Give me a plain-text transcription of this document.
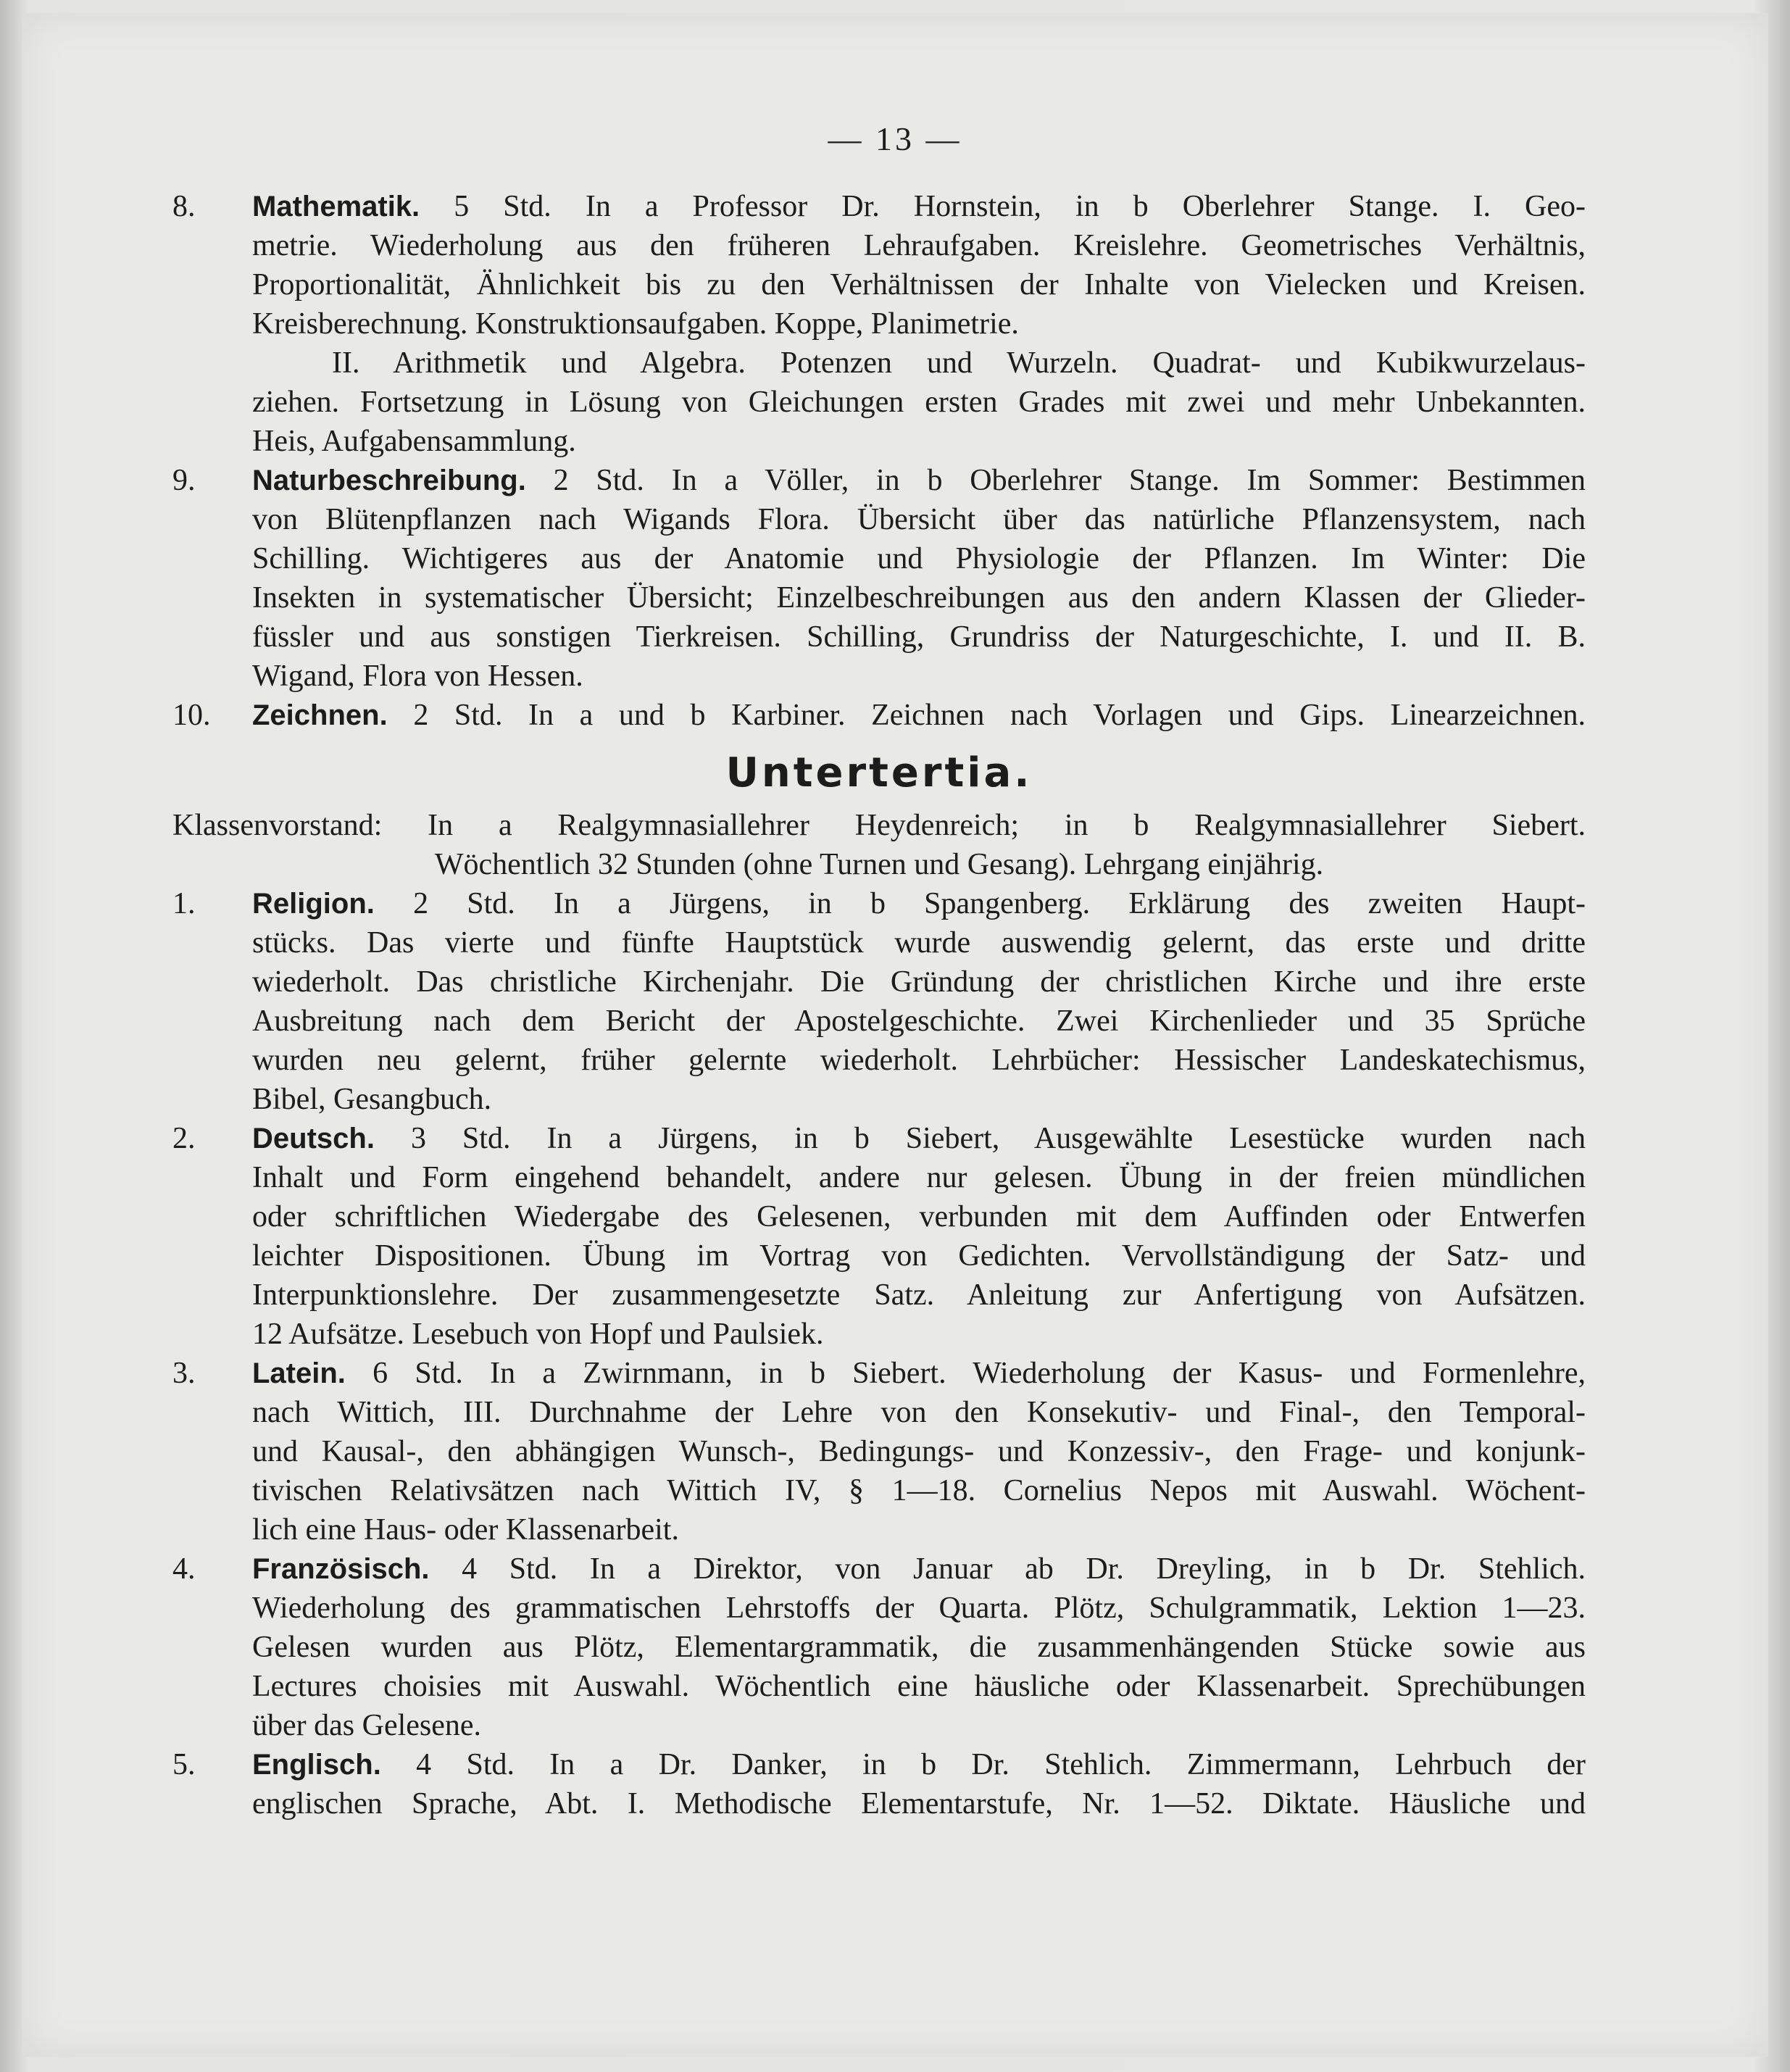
— 13 —
8. Mathematik. 5 Std. In a Professor Dr. Hornstein, in b Oberlehrer Stange. I. Geo-
metrie. Wiederholung aus den früheren Lehraufgaben. Kreislehre. Geometrisches Verhältnis,
Proportionalität, Ähnlichkeit bis zu den Verhältnissen der Inhalte von Vielecken und Kreisen.
Kreisberechnung. Konstruktionsaufgaben. Koppe, Planimetrie.
II. Arithmetik und Algebra. Potenzen und Wurzeln. Quadrat- und Kubikwurzelaus-
ziehen. Fortsetzung in Lösung von Gleichungen ersten Grades mit zwei und mehr Unbekannten.
Heis, Aufgabensammlung.
9. Naturbeschreibung. 2 Std. In a Völler, in b Oberlehrer Stange. Im Sommer: Bestimmen
von Blütenpflanzen nach Wigands Flora. Übersicht über das natürliche Pflanzensystem, nach
Schilling. Wichtigeres aus der Anatomie und Physiologie der Pflanzen. Im Winter: Die
Insekten in systematischer Übersicht; Einzelbeschreibungen aus den andern Klassen der Glieder-
füssler und aus sonstigen Tierkreisen. Schilling, Grundriss der Naturgeschichte, I. und II. B.
Wigand, Flora von Hessen.
10. Zeichnen. 2 Std. In a und b Karbiner. Zeichnen nach Vorlagen und Gips. Linearzeichnen.
Untertertia.
Klassenvorstand: In a Realgymnasiallehrer Heydenreich; in b Realgymnasiallehrer Siebert.
Wöchentlich 32 Stunden (ohne Turnen und Gesang). Lehrgang einjährig.
1. Religion. 2 Std. In a Jürgens, in b Spangenberg. Erklärung des zweiten Haupt-
stücks. Das vierte und fünfte Hauptstück wurde auswendig gelernt, das erste und dritte
wiederholt. Das christliche Kirchenjahr. Die Gründung der christlichen Kirche und ihre erste
Ausbreitung nach dem Bericht der Apostelgeschichte. Zwei Kirchenlieder und 35 Sprüche
wurden neu gelernt, früher gelernte wiederholt. Lehrbücher: Hessischer Landeskatechismus,
Bibel, Gesangbuch.
2. Deutsch. 3 Std. In a Jürgens, in b Siebert, Ausgewählte Lesestücke wurden nach
Inhalt und Form eingehend behandelt, andere nur gelesen. Übung in der freien mündlichen
oder schriftlichen Wiedergabe des Gelesenen, verbunden mit dem Auffinden oder Entwerfen
leichter Dispositionen. Übung im Vortrag von Gedichten. Vervollständigung der Satz- und
Interpunktionslehre. Der zusammengesetzte Satz. Anleitung zur Anfertigung von Aufsätzen.
12 Aufsätze. Lesebuch von Hopf und Paulsiek.
3. Latein. 6 Std. In a Zwirnmann, in b Siebert. Wiederholung der Kasus- und Formenlehre,
nach Wittich, III. Durchnahme der Lehre von den Konsekutiv- und Final-, den Temporal-
und Kausal-, den abhängigen Wunsch-, Bedingungs- und Konzessiv-, den Frage- und konjunk-
tivischen Relativsätzen nach Wittich IV, § 1—18. Cornelius Nepos mit Auswahl. Wöchent-
lich eine Haus- oder Klassenarbeit.
4. Französisch. 4 Std. In a Direktor, von Januar ab Dr. Dreyling, in b Dr. Stehlich.
Wiederholung des grammatischen Lehrstoffs der Quarta. Plötz, Schulgrammatik, Lektion 1—23.
Gelesen wurden aus Plötz, Elementargrammatik, die zusammenhängenden Stücke sowie aus
Lectures choisies mit Auswahl. Wöchentlich eine häusliche oder Klassenarbeit. Sprechübungen
über das Gelesene.
5. Englisch. 4 Std. In a Dr. Danker, in b Dr. Stehlich. Zimmermann, Lehrbuch der
englischen Sprache, Abt. I. Methodische Elementarstufe, Nr. 1—52. Diktate. Häusliche und
